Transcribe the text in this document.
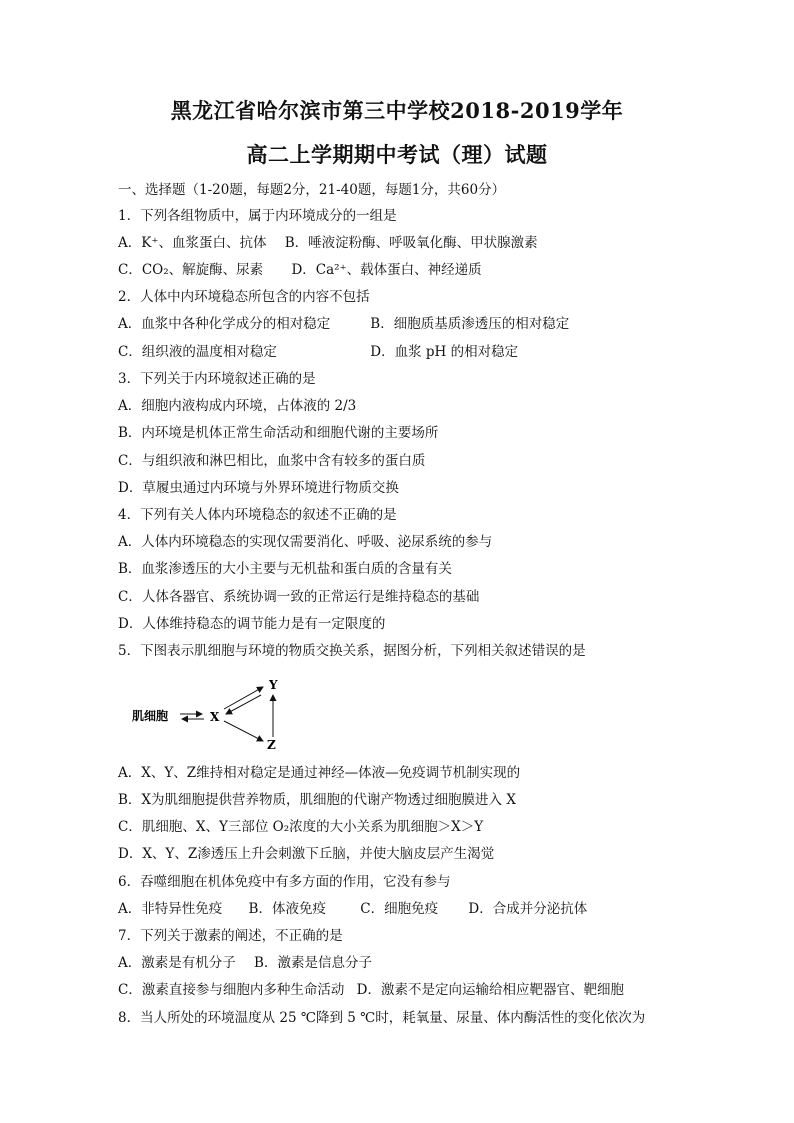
黑龙江省哈尔滨市第三中学校2018-2019学年
高二上学期期中考试（理）试题
一、选择题（1-20题，每题2分，21-40题，每题1分，共60分）
1．下列各组物质中，属于内环境成分的一组是
A．K⁺、血浆蛋白、抗体 B．唾液淀粉酶、呼吸氧化酶、甲状腺激素
C．CO₂、解旋酶、尿素 D．Ca²⁺、载体蛋白、神经递质
2．人体中内环境稳态所包含的内容不包括
A．血浆中各种化学成分的相对稳定	B．细胞质基质渗透压的相对稳定
C．组织液的温度相对稳定	D．血浆 pH 的相对稳定
3．下列关于内环境叙述正确的是
A．细胞内液构成内环境，占体液的 2/3
B．内环境是机体正常生命活动和细胞代谢的主要场所
C．与组织液和淋巴相比，血浆中含有较多的蛋白质
D．草履虫通过内环境与外界环境进行物质交换
4．下列有关人体内环境稳态的叙述不正确的是
A．人体内环境稳态的实现仅需要消化、呼吸、泌尿系统的参与
B．血浆渗透压的大小主要与无机盐和蛋白质的含量有关
C．人体各器官、系统协调一致的正常运行是维持稳态的基础
D．人体维持稳态的调节能力是有一定限度的
5．下图表示肌细胞与环境的物质交换关系，据图分析，下列相关叙述错误的是
肌细胞	X
Y
Z
A．X、Y、Z维持相对稳定是通过神经—体液—免疫调节机制实现的
B．X为肌细胞提供营养物质，肌细胞的代谢产物透过细胞膜进入 X
C．肌细胞、X、Y三部位 O₂浓度的大小关系为肌细胞＞X＞Y
D．X、Y、Z渗透压上升会刺激下丘脑，并使大脑皮层产生渴觉
6．吞噬细胞在机体免疫中有多方面的作用，它没有参与
A．非特异性免疫 B．体液免疫	C．细胞免疫 D．合成并分泌抗体
7．下列关于激素的阐述，不正确的是
A．激素是有机分子 B．激素是信息分子
C．激素直接参与细胞内多种生命活动 D．激素不是定向运输给相应靶器官、靶细胞
8．当人所处的环境温度从 25 ℃降到 5 ℃时，耗氧量、尿量、体内酶活性的变化依次为
